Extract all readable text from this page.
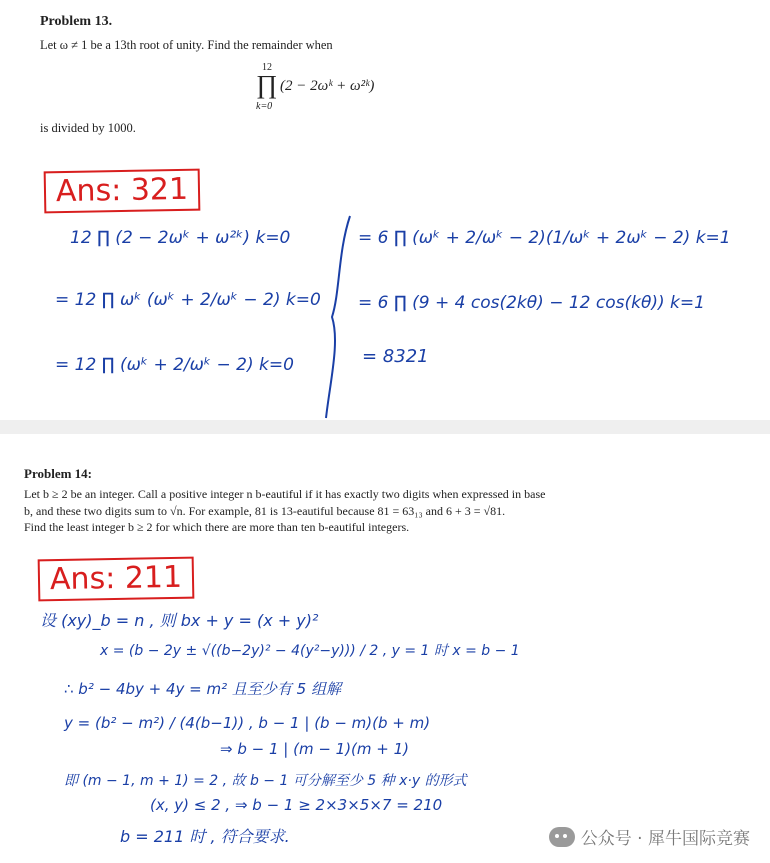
Problem 13.
Let ω ≠ 1 be a 13th root of unity. Find the remainder when
12
∏ (2 − 2ωᵏ + ω²ᵏ)
k=0
is divided by 1000.
Ans: 321
12 ∏ (2 − 2ωᵏ + ω²ᵏ) k=0
= 12 ∏ ωᵏ (ωᵏ + 2/ωᵏ − 2) k=0
= 12 ∏ (ωᵏ + 2/ωᵏ − 2) k=0
= 6 ∏ (ωᵏ + 2/ωᵏ − 2)(1/ωᵏ + 2ωᵏ − 2) k=1
= 6 ∏ (9 + 4 cos(2kθ) − 12 cos(kθ)) k=1
= 8321
Problem 14:
Let b ≥ 2 be an integer. Call a positive integer n b-eautiful if it has exactly two digits when expressed in base
b, and these two digits sum to √n. For example, 81 is 13-eautiful because 81 = 63₁₃ and 6 + 3 = √81.
Find the least integer b ≥ 2 for which there are more than ten b-eautiful integers.
Ans: 211
设 (xy)_b = n , 则 bx + y = (x + y)²
x = (b − 2y ± √((b−2y)² − 4(y²−y))) / 2 , y = 1 时 x = b − 1
∴ b² − 4by + 4y = m² 且至少有 5 组解
y = (b² − m²) / (4(b−1)) , b − 1 | (b − m)(b + m)
⇒ b − 1 | (m − 1)(m + 1)
即 (m − 1, m + 1) = 2 , 故 b − 1 可分解至少 5 种 x·y 的形式
(x, y) ≤ 2 , ⇒ b − 1 ≥ 2×3×5×7 = 210
b = 211 时 , 符合要求.	公众号 · 犀牛国际竞赛
